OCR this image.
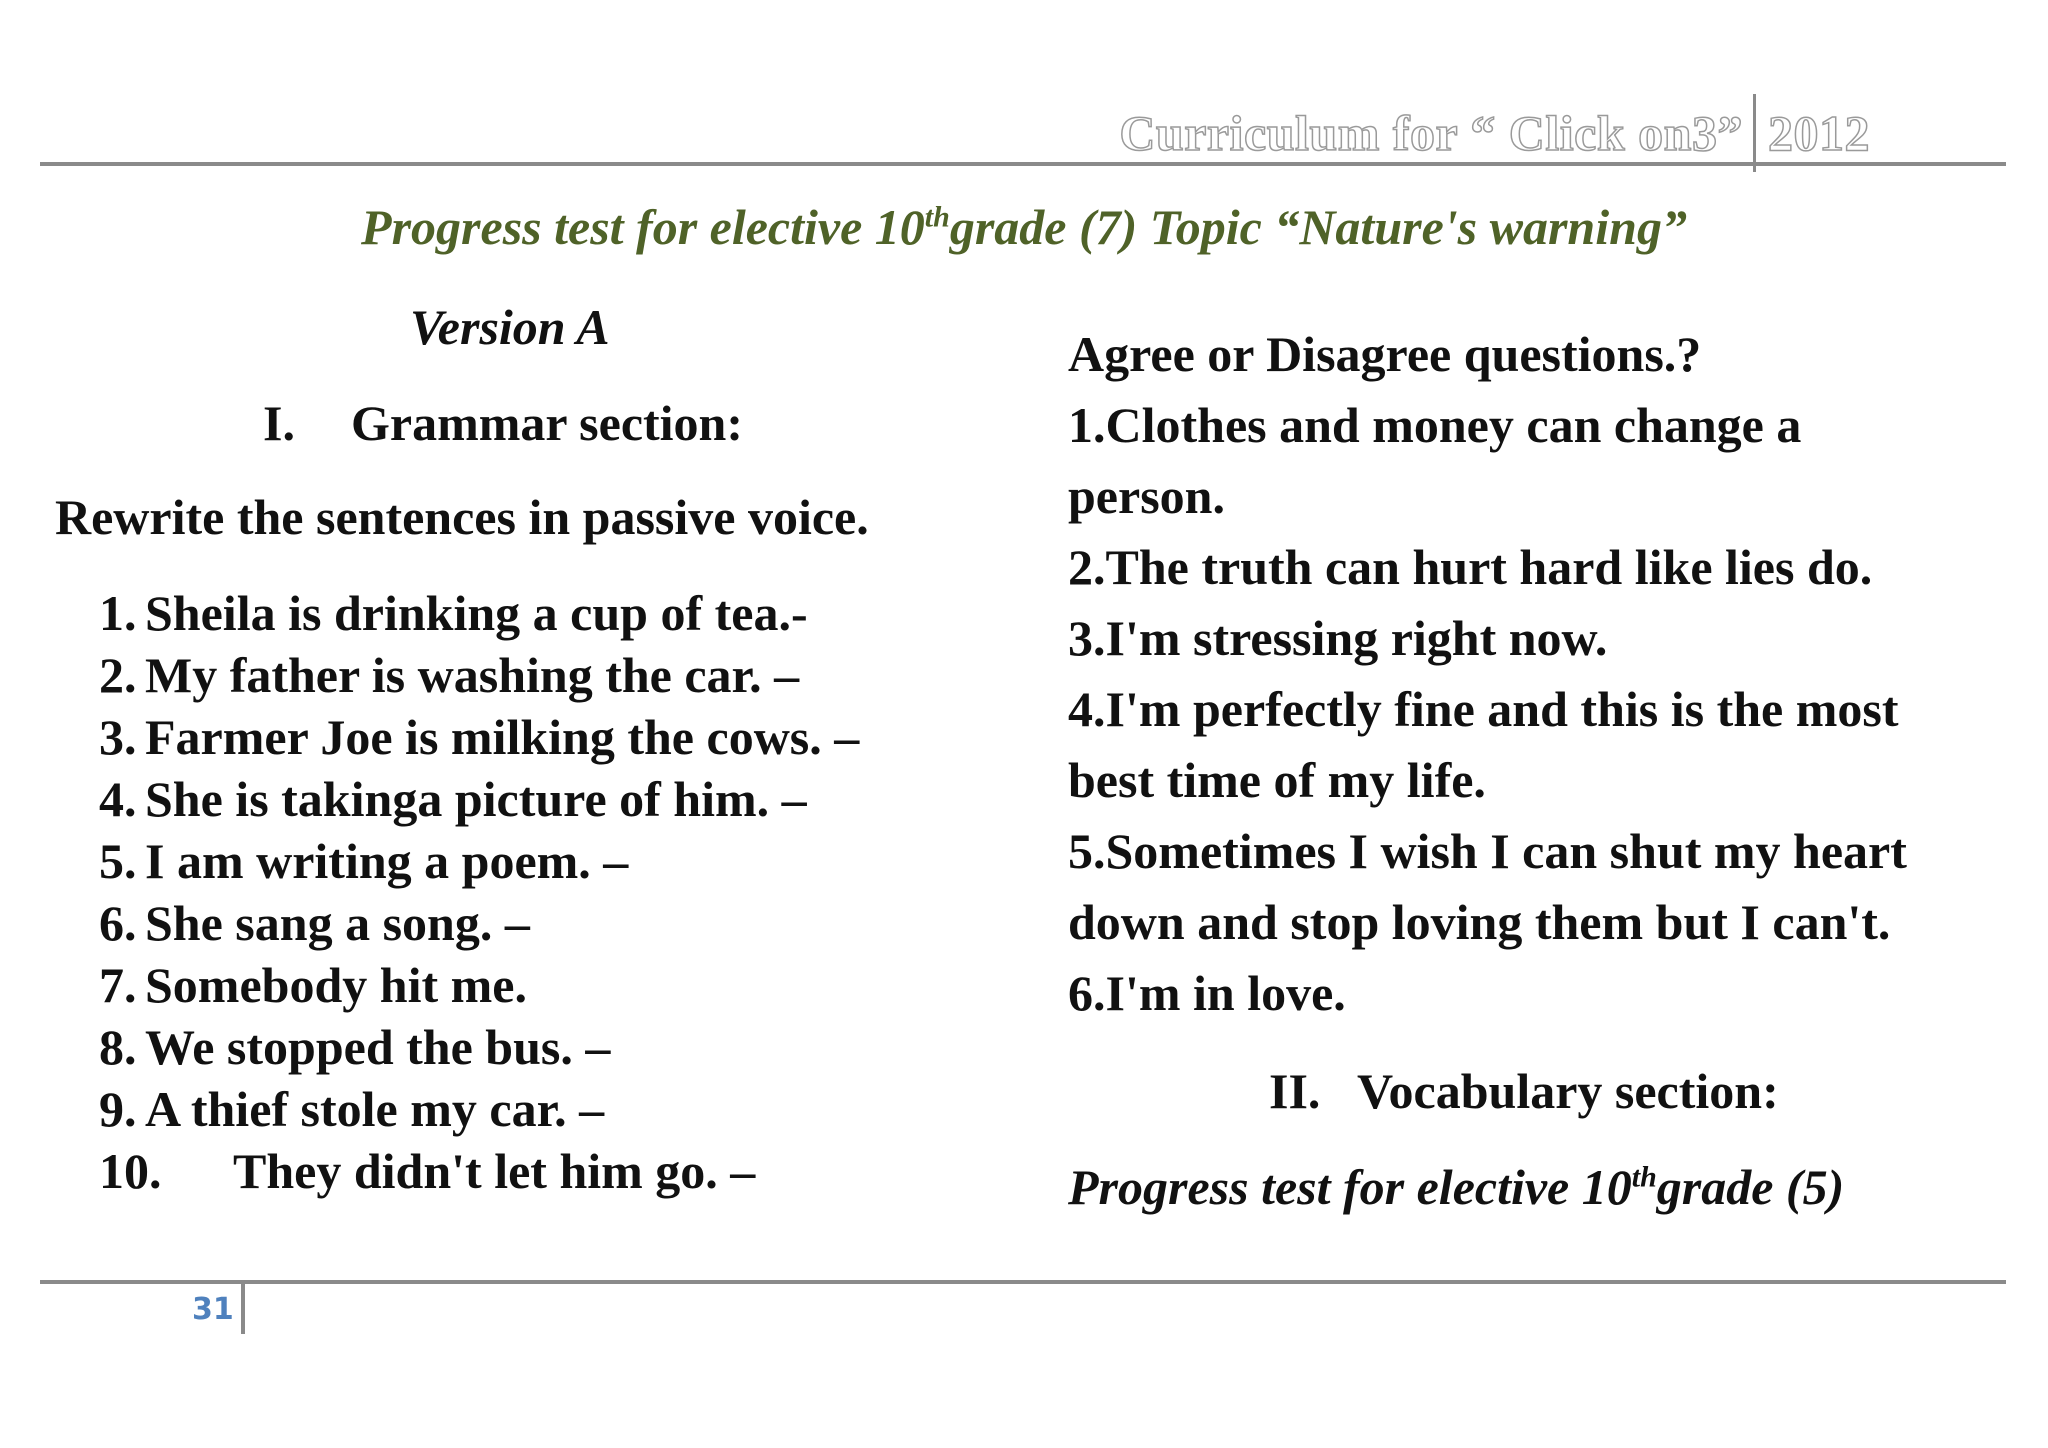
Curriculum for “ Click on3” 2012
Progress test for elective 10thgrade (7) Topic “Nature's warning”
Version A
I. Grammar section:
Rewrite the sentences in passive voice.
1. Sheila is drinking a cup of tea.-
2. My father is washing the car. –
3. Farmer Joe is milking the cows. –
4. She is takinga picture of him. –
5. I am writing a poem. –
6. She sang a song. –
7. Somebody hit me.
8. We stopped the bus. –
9. A thief stole my car. –
10. They didn't let him go. –
Agree or Disagree questions.?
1.Clothes and money can change a
person.
2.The truth can hurt hard like lies do.
3.I'm stressing right now.
4.I'm perfectly fine and this is the most
best time of my life.
5.Sometimes I wish I can shut my heart
down and stop loving them but I can't.
6.I'm in love.
II. Vocabulary section:
Progress test for elective 10thgrade (5)
31
